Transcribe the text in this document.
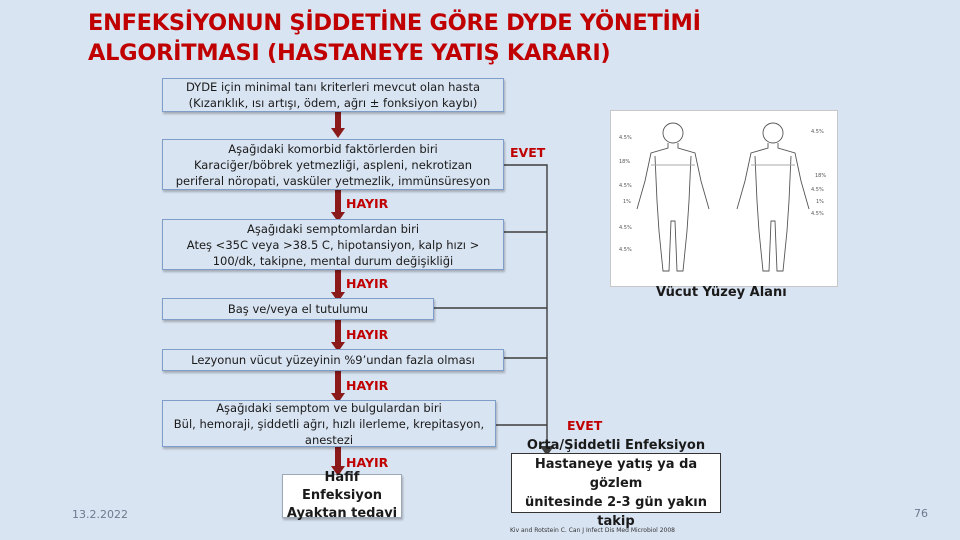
ENFEKSİYONUN ŞİDDETİNE GÖRE DYDE YÖNETİMİ
ALGORİTMASI (HASTANEYE YATIŞ KARARI)
DYDE için minimal tanı kriterleri mevcut olan hasta
(Kızarıklık, ısı artışı, ödem, ağrı ± fonksiyon kaybı)
Aşağıdaki komorbid faktörlerden biri
Karaciğer/böbrek yetmezliği, aspleni, nekrotizan
periferal nöropati, vasküler yetmezlik, immünsüresyon
Aşağıdaki semptomlardan biri
Ateş <35C veya >38.5 C, hipotansiyon, kalp hızı >
100/dk, takipne, mental durum değişikliği
Baş ve/veya el tutulumu
Lezyonun vücut yüzeyinin %9’undan fazla olması
Aşağıdaki semptom ve bulgulardan biri
Bül, hemoraji, şiddetli ağrı, hızlı ilerleme, krepitasyon,
anestezi
Hafif Enfeksiyon
Ayaktan tedavi
Orta/Şiddetli Enfeksiyon
Hastaneye yatış ya da gözlem
ünitesinde 2-3 gün yakın takip
HAYIR
HAYIR
HAYIR
HAYIR
HAYIR
EVET
EVET
4.5%
18%
4.5%
1%
4.5%
4.5%
4.5%
18%
4.5%
1%
4.5%
Vücut Yüzey Alanı
13.2.2022	76
Kiv and Rotstein C. Can J Infect Dis Med Microbiol 2008
